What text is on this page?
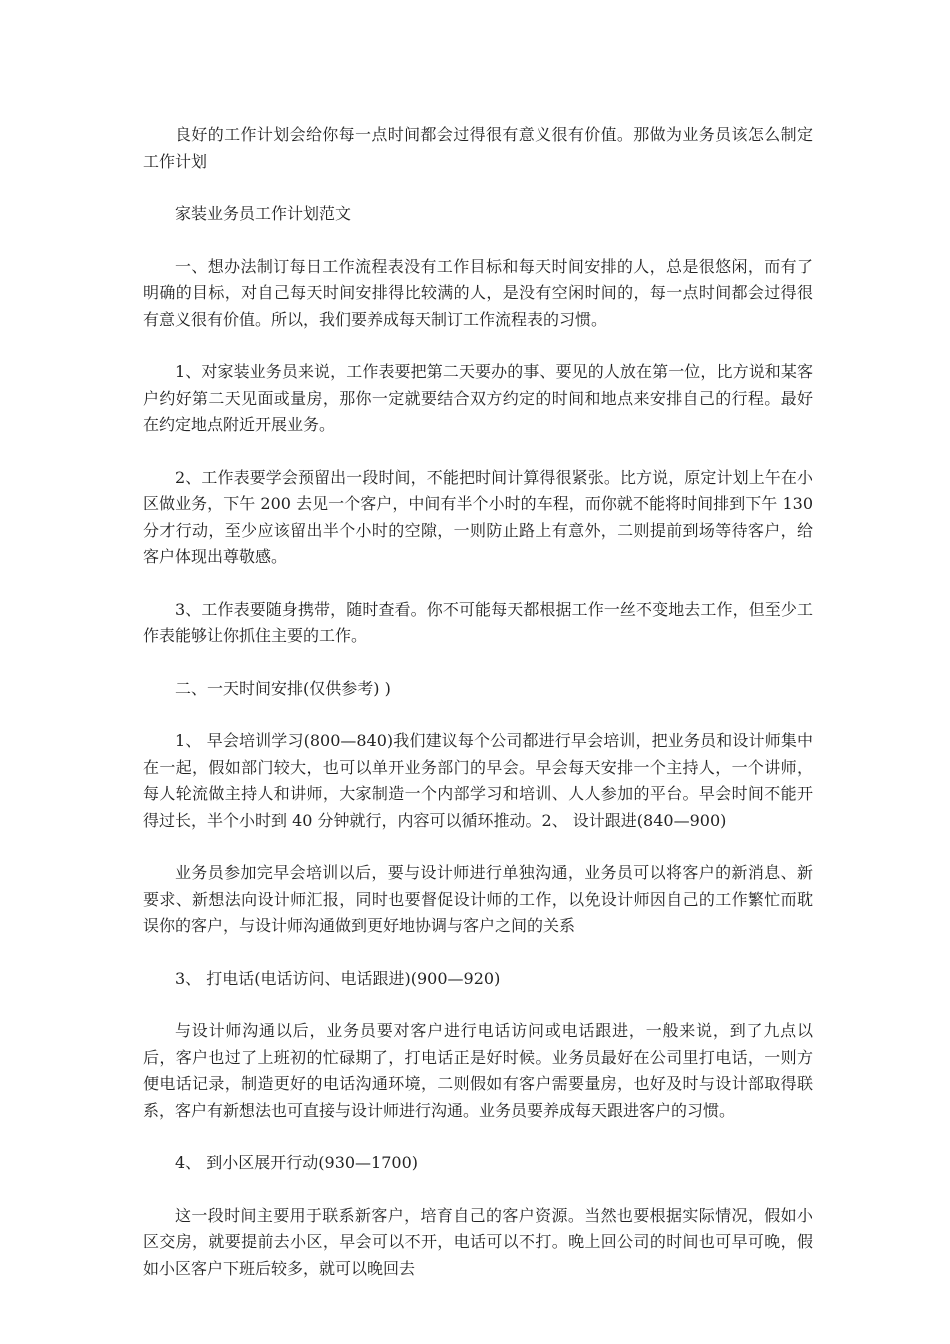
良好的工作计划会给你每一点时间都会过得很有意义很有价值。那做为业务员该怎么制定工作计划

家装业务员工作计划范文

一、想办法制订每日工作流程表没有工作目标和每天时间安排的人，总是很悠闲，而有了明确的目标，对自己每天时间安排得比较满的人，是没有空闲时间的，每一点时间都会过得很有意义很有价值。所以，我们要养成每天制订工作流程表的习惯。

1、对家装业务员来说，工作表要把第二天要办的事、要见的人放在第一位，比方说和某客户约好第二天见面或量房，那你一定就要结合双方约定的时间和地点来安排自己的行程。最好在约定地点附近开展业务。

2、工作表要学会预留出一段时间，不能把时间计算得很紧张。比方说，原定计划上午在小区做业务，下午 200 去见一个客户，中间有半个小时的车程，而你就不能将时间排到下午 130 分才行动，至少应该留出半个小时的空隙，一则防止路上有意外，二则提前到场等待客户，给客户体现出尊敬感。

3、工作表要随身携带，随时查看。你不可能每天都根据工作一丝不变地去工作，但至少工作表能够让你抓住主要的工作。

二、一天时间安排(仅供参考) )

1、 早会培训学习(800—840)我们建议每个公司都进行早会培训，把业务员和设计师集中在一起，假如部门较大，也可以单开业务部门的早会。早会每天安排一个主持人，一个讲师，每人轮流做主持人和讲师，大家制造一个内部学习和培训、人人参加的平台。早会时间不能开得过长，半个小时到 40 分钟就行，内容可以循环推动。2、 设计跟进(840—900)

业务员参加完早会培训以后，要与设计师进行单独沟通，业务员可以将客户的新消息、新要求、新想法向设计师汇报，同时也要督促设计师的工作，以免设计师因自己的工作繁忙而耽误你的客户，与设计师沟通做到更好地协调与客户之间的关系

3、 打电话(电话访问、电话跟进)(900—920)

与设计师沟通以后，业务员要对客户进行电话访问或电话跟进，一般来说，到了九点以后，客户也过了上班初的忙碌期了，打电话正是好时候。业务员最好在公司里打电话，一则方便电话记录，制造更好的电话沟通环境，二则假如有客户需要量房，也好及时与设计部取得联系，客户有新想法也可直接与设计师进行沟通。业务员要养成每天跟进客户的习惯。

4、 到小区展开行动(930—1700)

这一段时间主要用于联系新客户，培育自己的客户资源。当然也要根据实际情况，假如小区交房，就要提前去小区，早会可以不开，电话可以不打。晚上回公司的时间也可早可晚，假如小区客户下班后较多，就可以晚回去
